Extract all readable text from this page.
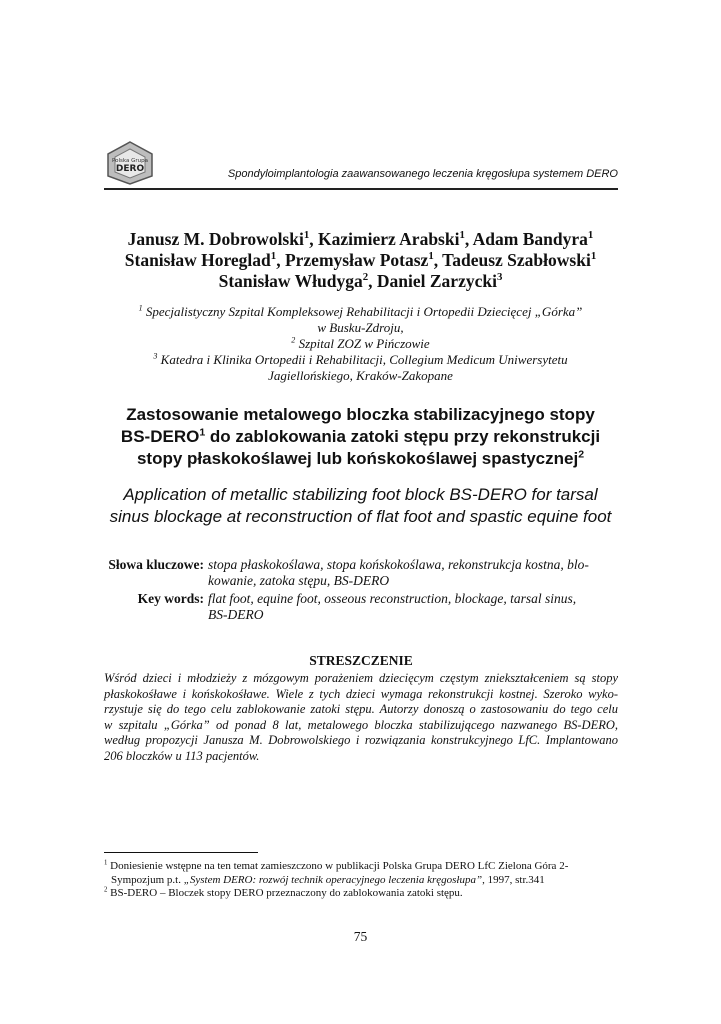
Polska Grupa
DERO	Spondyloimplantologia zaawansowanego leczenia kręgosłupa systemem DERO
Janusz M. Dobrowolski$^1$, Kazimierz Arabski$^1$, Adam Bandyra$^1$
Stanisław Horeglad$^1$, Przemysław Potasz$^1$, Tadeusz Szabłowski$^1$
Stanisław Włudyga$^2$, Daniel Zarzycki$^3$
$^1$ Specjalistyczny Szpital Kompleksowej Rehabilitacji i Ortopedii Dziecięcej „Górka”
w Busku-Zdroju,
$^2$ Szpital ZOZ w Pińczowie
$^3$ Katedra i Klinika Ortopedii i Rehabilitacji, Collegium Medicum Uniwersytetu
Jagiellońskiego, Kraków-Zakopane
Zastosowanie metalowego bloczka stabilizacyjnego stopy
BS-DERO$^1$ do zablokowania zatoki stępu przy rekonstrukcji
stopy płaskokoślawej lub końskokoślawej spastycznej$^2$
Application of metallic stabilizing foot block BS-DERO for tarsal
sinus blockage at reconstruction of flat foot and spastic equine foot
Słowa kluczowe: stopa płaskokoślawa, stopa końskokoślawa, rekonstrukcja kostna, blo-
kowanie, zatoka stępu, BS-DERO
Key words: flat foot, equine foot, osseous reconstruction, blockage, tarsal sinus,
BS-DERO
STRESZCZENIE
Wśród dzieci i młodzieży z mózgowym porażeniem dziecięcym częstym zniekształceniem są stopy
płaskokośławe i końskokośławe. Wiele z tych dzieci wymaga rekonstrukcji kostnej. Szeroko wyko-
rzystuje się do tego celu zablokowanie zatoki stępu. Autorzy donoszą o zastosowaniu do tego celu
w szpitalu „Górka” od ponad 8 lat, metalowego bloczka stabilizującego nazwanego BS-DERO,
według propozycji Janusza M. Dobrowolskiego i rozwiązania konstrukcyjnego LfC. Implantowano
206 bloczków u 113 pacjentów.
$^1$ Doniesienie wstępne na ten temat zamieszczono w publikacji Polska Grupa DERO LfC Zielona Góra 2-
Sympozjum p.t. „System DERO: rozwój technik operacyjnego leczenia kręgosłupa”, 1997, str.341
$^2$ BS-DERO – Bloczek stopy DERO przeznaczony do zablokowania zatoki stępu.
75
